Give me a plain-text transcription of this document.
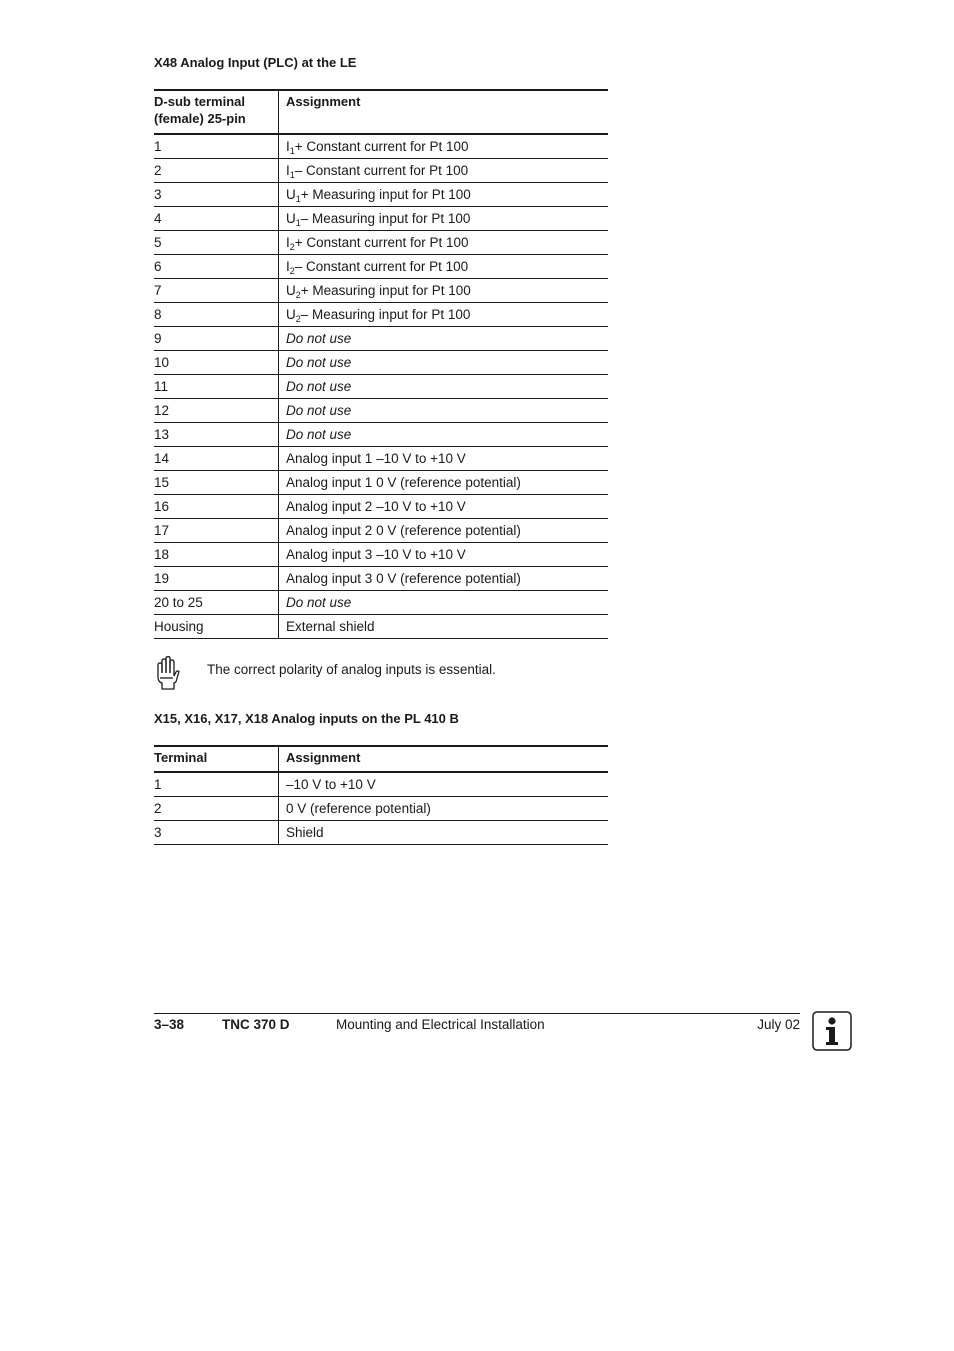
X48 Analog Input (PLC) at the LE
D-sub terminal
(female) 25-pin	Assignment
1	$I_1+$ Constant current for Pt 100
2	$I_1-$ Constant current for Pt 100
3	$U_1+$ Measuring input for Pt 100
4	$U_1-$ Measuring input for Pt 100
5	$I_2+$ Constant current for Pt 100
6	$I_2-$ Constant current for Pt 100
7	$U_2+$ Measuring input for Pt 100
8	$U_2-$ Measuring input for Pt 100
9	Do not use
10	Do not use
11	Do not use
12	Do not use
13	Do not use
14	Analog input 1 –10 V to +10 V
15	Analog input 1 0 V (reference potential)
16	Analog input 2 –10 V to +10 V
17	Analog input 2 0 V (reference potential)
18	Analog input 3 –10 V to +10 V
19	Analog input 3 0 V (reference potential)
20 to 25	Do not use
Housing	External shield
The correct polarity of analog inputs is essential.
X15, X16, X17, X18 Analog inputs on the PL 410 B
Terminal	Assignment
1	–10 V to +10 V
2	0 V (reference potential)
3	Shield
3–38	TNC 370 D	Mounting and Electrical Installation	July 02
